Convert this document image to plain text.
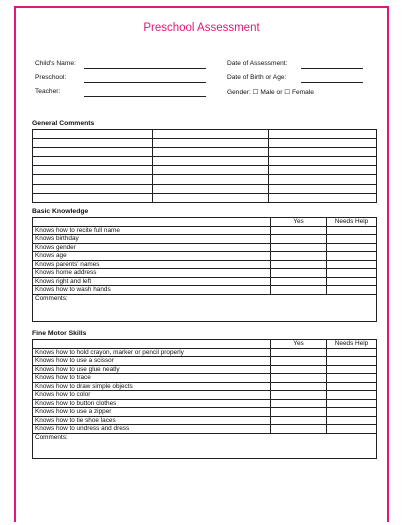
Preschool Assessment
Child's Name:
Preschool:
Teacher:
Date of Assessment:
Date of Birth or Age:
Gender: ☐ Male or ☐ Female
General Comments

Basic Knowledge
	Yes	Needs Help
Knows how to recite full name		
Knows birthday		
Knows gender		
Knows age		
Knows parents' names		
Knows home address		
Knows right and left		
Knows how to wash hands		
Comments:		
Fine Motor Skills
	Yes	Needs Help
Knows how to hold crayon, marker or pencil properly		
Knows how to use a scissor		
Knows how to use glue neatly		
Knows how to trace		
Knows how to draw simple objects		
Knows how to color		
Knows how to button clothes		
Knows how to use a zipper		
Knows how to tie shoe laces		
Knows how to undress and dress		
Comments:		
